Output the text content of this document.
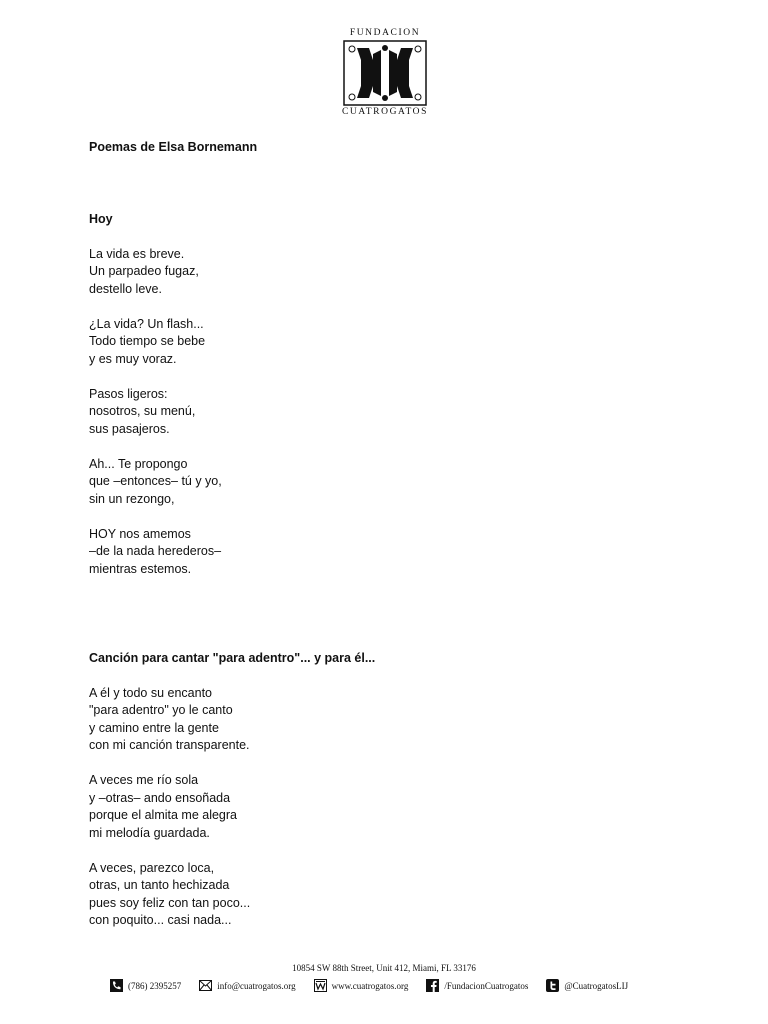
FUNDACION
CUATROGATOS

Poemas de Elsa Bornemann

Hoy

La vida es breve.
Un parpadeo fugaz,
destello leve.
¿La vida? Un flash...
Todo tiempo se bebe
y es muy voraz.
Pasos ligeros:
nosotros, su menú,
sus pasajeros.
Ah... Te propongo
que –entonces– tú y yo,
sin un rezongo,
HOY nos amemos
–de la nada herederos–
mientras estemos.

Canción para cantar "para adentro"... y para él...

A él y todo su encanto
"para adentro" yo le canto
y camino entre la gente
con mi canción transparente.
A veces me río sola
y –otras– ando ensoñada
porque el almita me alegra
mi melodía guardada.
A veces, parezco loca,
otras, un tanto hechizada
pues soy feliz con tan poco...
con poquito... casi nada...
10854 SW 88th Street, Unit 412, Miami, FL 33176
(786) 2395257	info@cuatrogatos.org	www.cuatrogatos.org	/FundacionCuatrogatos	@CuatrogatosLIJ
